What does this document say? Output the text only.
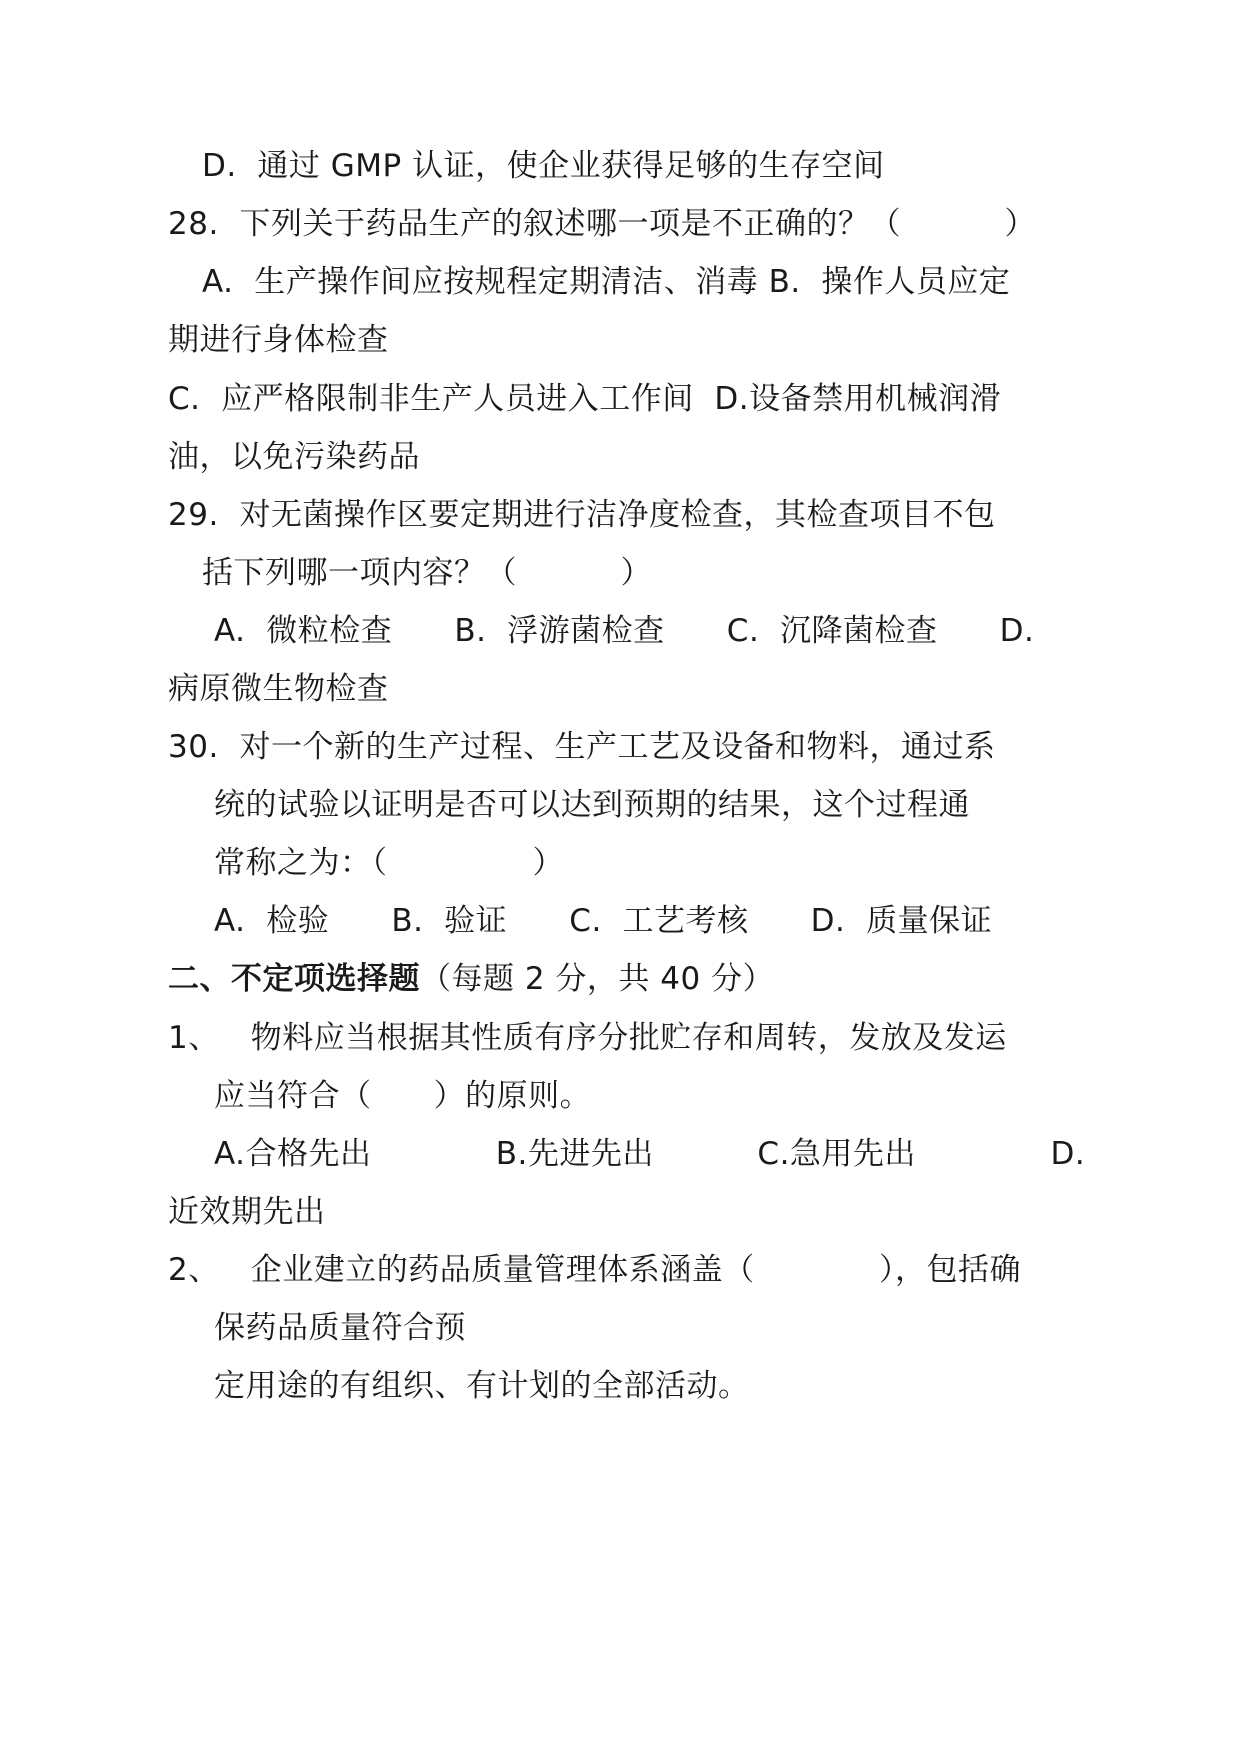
D.  通过 GMP 认证，使企业获得足够的生存空间
28.  下列关于药品生产的叙述哪一项是不正确的？（          ）
A.  生产操作间应按规程定期清洁、消毒 B.  操作人员应定
期进行身体检查
C.  应严格限制非生产人员进入工作间  D.设备禁用机械润滑
油，以免污染药品
29.  对无菌操作区要定期进行洁净度检查，其检查项目不包
括下列哪一项内容？（          ）
A.  微粒检查      B.  浮游菌检查      C.  沉降菌检查      D.
病原微生物检查
30.  对一个新的生产过程、生产工艺及设备和物料，通过系
统的试验以证明是否可以达到预期的结果，这个过程通
常称之为：（              ）
A.  检验      B.  验证      C.  工艺考核      D.  质量保证
二、不定项选择题（每题 2 分，共 40 分）
1、   物料应当根据其性质有序分批贮存和周转，发放及发运
应当符合（      ）的原则。
A.合格先出            B.先进先出          C.急用先出             D.
近效期先出
2、   企业建立的药品质量管理体系涵盖（            ），包括确
保药品质量符合预
定用途的有组织、有计划的全部活动。
